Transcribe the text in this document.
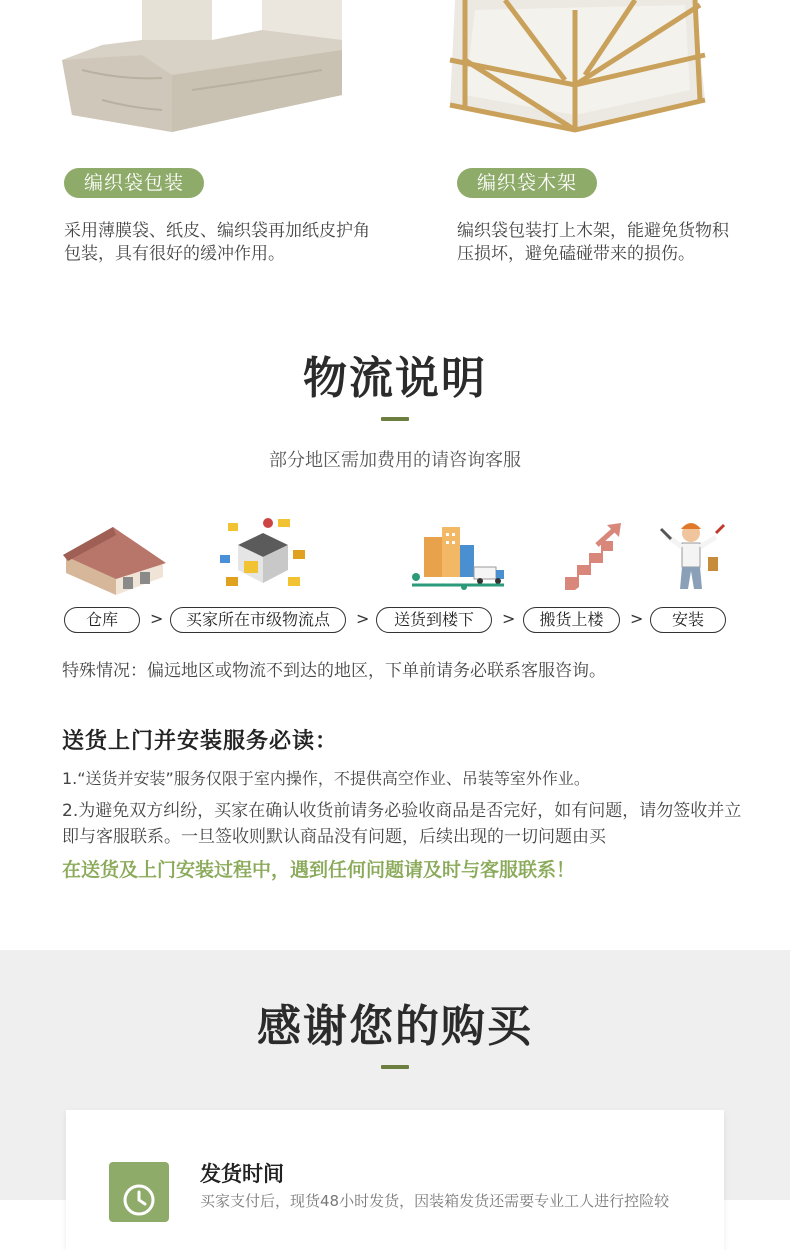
编织袋包装	编织袋木架
采用薄膜袋、纸皮、编织袋再加纸皮护角包装，具有很好的缓冲作用。
编织袋包装打上木架，能避免货物积压损坏，避免磕碰带来的损伤。
物流说明
部分地区需加费用的请咨询客服
仓库	>	买家所在市级物流点	>	送货到楼下	>	搬货上楼	>	安装
特殊情况：偏远地区或物流不到达的地区，下单前请务必联系客服咨询。
送货上门并安装服务必读：
1.“送货并安装”服务仅限于室内操作，不提供高空作业、吊装等室外作业。
2.为避免双方纠纷，买家在确认收货前请务必验收商品是否完好，如有问题，请勿签收并立即与客服联系。一旦签收则默认商品没有问题，后续出现的一切问题由买
在送货及上门安装过程中，遇到任何问题请及时与客服联系！
感谢您的购买
发货时间
买家支付后，现货48小时发货，因装箱发货还需要专业工人进行控险较
